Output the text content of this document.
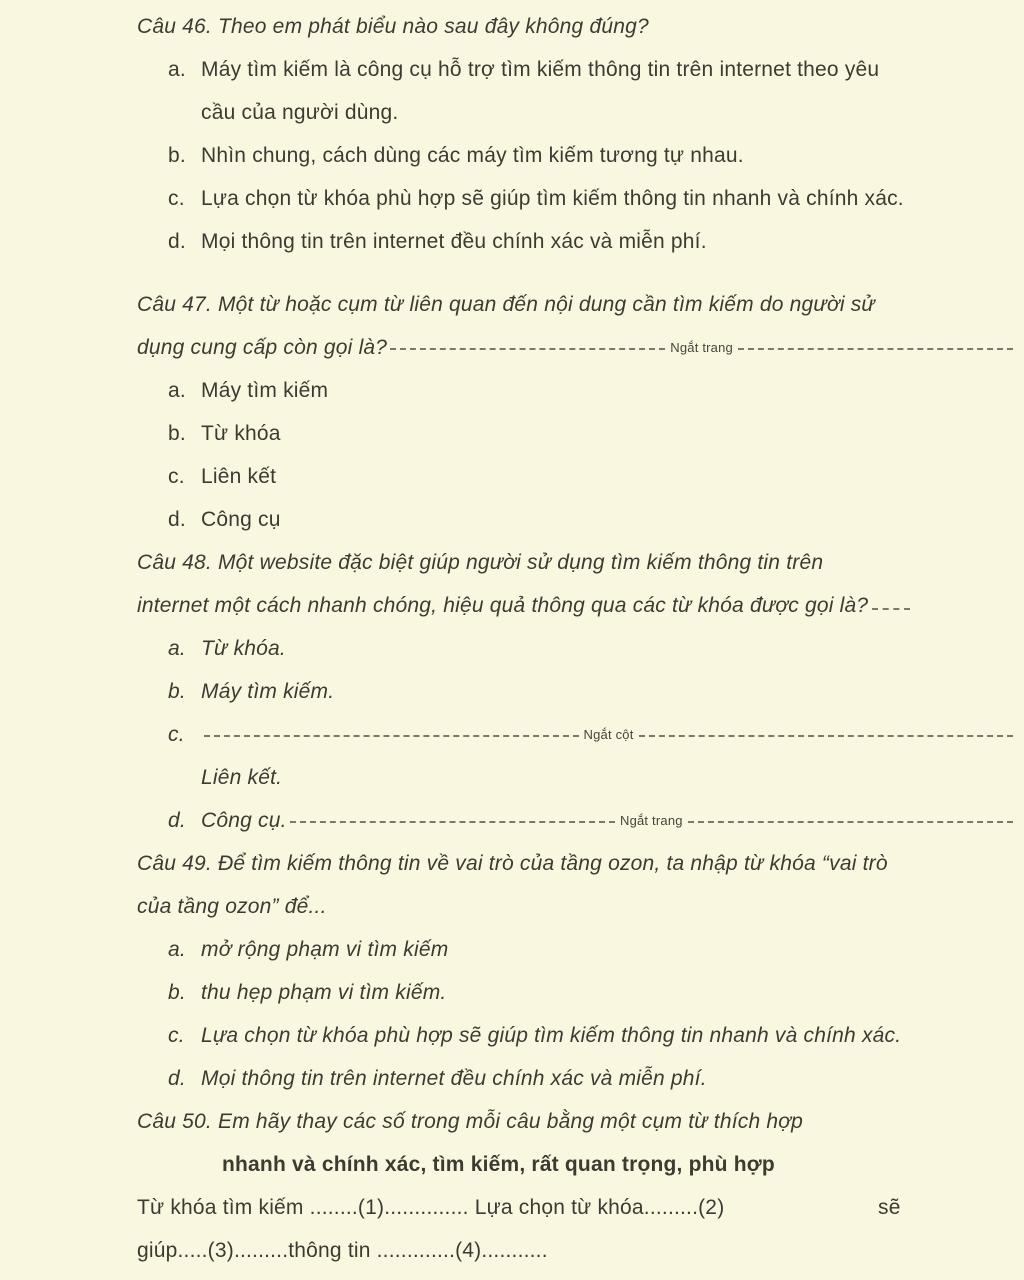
Câu 46. Theo em phát biểu nào sau đây không đúng?
a. Máy tìm kiếm là công cụ hỗ trợ tìm kiếm thông tin trên internet theo yêu
cầu của người dùng.
b. Nhìn chung, cách dùng các máy tìm kiếm tương tự nhau.
c. Lựa chọn từ khóa phù hợp sẽ giúp tìm kiếm thông tin nhanh và chính xác.
d. Mọi thông tin trên internet đều chính xác và miễn phí.
Câu 47. Một từ hoặc cụm từ liên quan đến nội dung cần tìm kiếm do người sử
dụng cung cấp còn gọi là?	Ngắt trang
a. Máy tìm kiếm
b. Từ khóa
c. Liên kết
d. Công cụ
Câu 48. Một website đặc biệt giúp người sử dụng tìm kiếm thông tin trên
internet một cách nhanh chóng, hiệu quả thông qua các từ khóa được gọi là?
a. Từ khóa.
b. Máy tìm kiếm.
c.	Ngắt cột
Liên kết.
d. Công cụ.	Ngắt trang
Câu 49. Để tìm kiếm thông tin về vai trò của tầng ozon, ta nhập từ khóa “vai trò
của tầng ozon” để...
a. mở rộng phạm vi tìm kiếm
b. thu hẹp phạm vi tìm kiếm.
c. Lựa chọn từ khóa phù hợp sẽ giúp tìm kiếm thông tin nhanh và chính xác.
d. Mọi thông tin trên internet đều chính xác và miễn phí.
Câu 50. Em hãy thay các số trong mỗi câu bằng một cụm từ thích hợp
nhanh và chính xác, tìm kiếm, rất quan trọng, phù hợp
Từ khóa tìm kiếm ........(1).............. Lựa chọn từ khóa.........(2)	sẽ
giúp.....(3).........thông tin .............(4)...........
